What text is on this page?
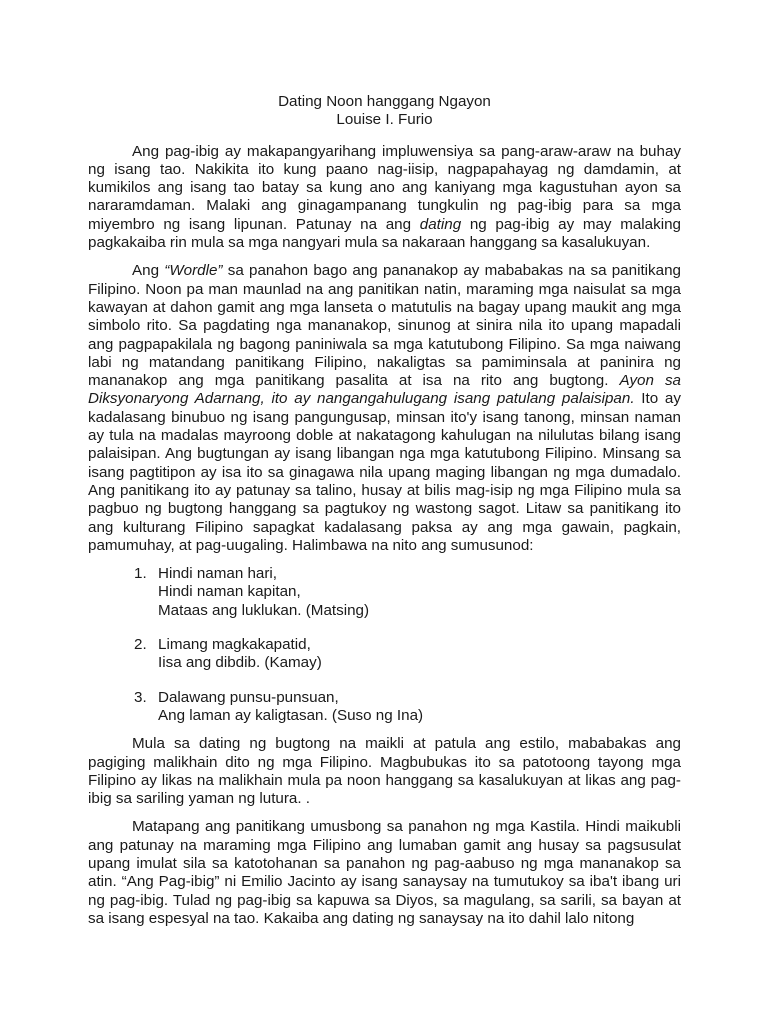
Dating Noon hanggang Ngayon
Louise I. Furio

Ang pag-ibig ay makapangyarihang impluwensiya sa pang-araw-araw na buhay ng isang tao. Nakikita ito kung paano nag-iisip, nagpapahayag ng damdamin, at kumikilos ang isang tao batay sa kung ano ang kaniyang mga kagustuhan ayon sa nararamdaman. Malaki ang ginagampanang tungkulin ng pag-ibig para sa mga miyembro ng isang lipunan. Patunay na ang dating ng pag-ibig ay may malaking pagkakaiba rin mula sa mga nangyari mula sa nakaraan hanggang sa kasalukuyan.

Ang “Wordle” sa panahon bago ang pananakop ay mababakas na sa panitikang Filipino. Noon pa man maunlad na ang panitikan natin, maraming mga naisulat sa mga kawayan at dahon gamit ang mga lanseta o matutulis na bagay upang maukit ang mga simbolo rito. Sa pagdating nga mananakop, sinunog at sinira nila ito upang mapadali ang pagpapakilala ng bagong paniniwala sa mga katutubong Filipino. Sa mga naiwang labi ng matandang panitikang Filipino, nakaligtas sa pamiminsala at paninira ng mananakop ang mga panitikang pasalita at isa na rito ang bugtong. Ayon sa Diksyonaryong Adarnang, ito ay nangangahulugang isang patulang palaisipan. Ito ay kadalasang binubuo ng isang pangungusap, minsan ito'y isang tanong, minsan naman ay tula na madalas mayroong doble at nakatagong kahulugan na nilulutas bilang isang palaisipan. Ang bugtungan ay isang libangan nga mga katutubong Filipino. Minsang sa isang pagtitipon ay isa ito sa ginagawa nila upang maging libangan ng mga dumadalo. Ang panitikang ito ay patunay sa talino, husay at bilis mag-isip ng mga Filipino mula sa pagbuo ng bugtong hanggang sa pagtukoy ng wastong sagot. Litaw sa panitikang ito ang kulturang Filipino sapagkat kadalasang paksa ay ang mga gawain, pagkain, pamumuhay, at pag-uugaling. Halimbawa na nito ang sumusunod:

1. Hindi naman hari,
Hindi naman kapitan,
Mataas ang luklukan. (Matsing)
2. Limang magkakapatid,
Iisa ang dibdib. (Kamay)
3. Dalawang punsu-punsuan,
Ang laman ay kaligtasan. (Suso ng Ina)

Mula sa dating ng bugtong na maikli at patula ang estilo, mababakas ang pagiging malikhain dito ng mga Filipino. Magbubukas ito sa patotoong tayong mga Filipino ay likas na malikhain mula pa noon hanggang sa kasalukuyan at likas ang pag-ibig sa sariling yaman ng lutura. .

Matapang ang panitikang umusbong sa panahon ng mga Kastila. Hindi maikubli ang patunay na maraming mga Filipino ang lumaban gamit ang husay sa pagsusulat upang imulat sila sa katotohanan sa panahon ng pag-aabuso ng mga mananakop sa atin. “Ang Pag-ibig” ni Emilio Jacinto ay isang sanaysay na tumutukoy sa iba't ibang uri ng pag-ibig. Tulad ng pag-ibig sa kapuwa sa Diyos, sa magulang, sa sarili, sa bayan at sa isang espesyal na tao. Kakaiba ang dating ng sanaysay na ito dahil lalo nitong
